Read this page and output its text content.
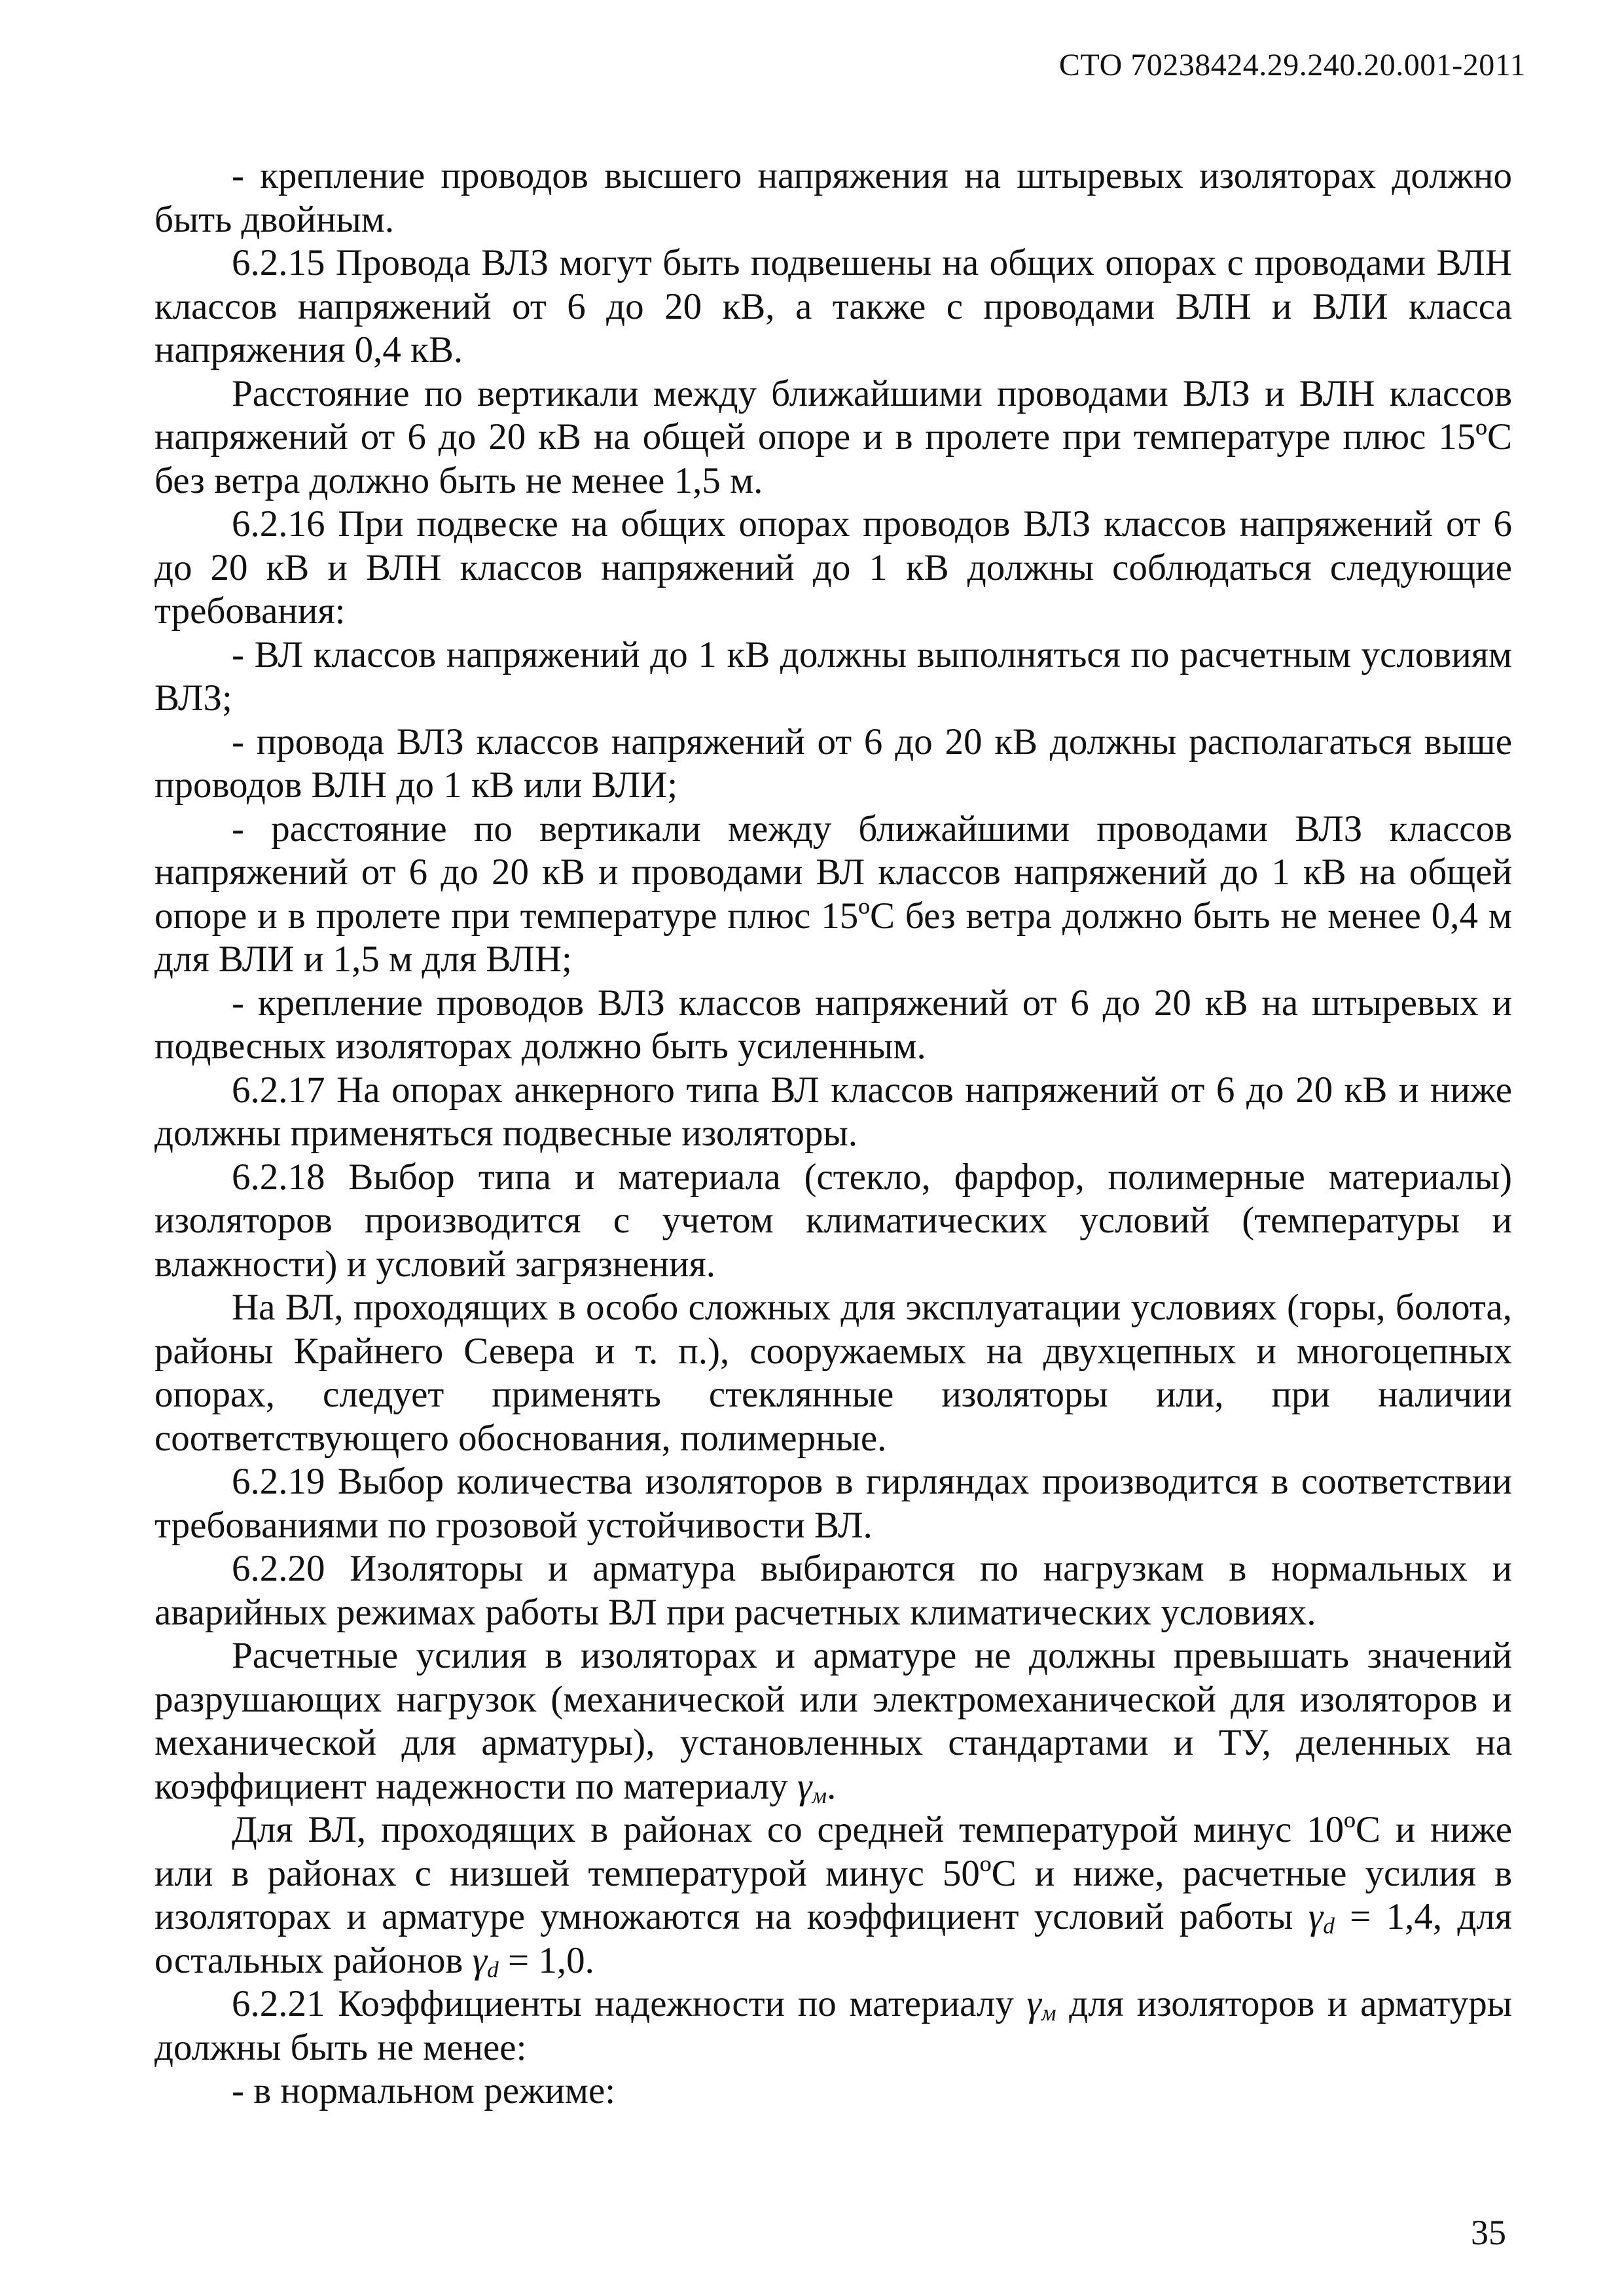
СТО 70238424.29.240.20.001-2011

- крепление проводов высшего напряжения на штыревых изоляторах должно быть двойным.

6.2.15 Провода ВЛЗ могут быть подвешены на общих опорах с проводами ВЛН классов напряжений от 6 до 20 кВ, а также с проводами ВЛН и ВЛИ класса напряжения 0,4 кВ.

Расстояние по вертикали между ближайшими проводами ВЛЗ и ВЛН классов напряжений от 6 до 20 кВ на общей опоре и в пролете при температуре плюс 15ºС без ветра должно быть не менее 1,5 м.

6.2.16 При подвеске на общих опорах проводов ВЛЗ классов напряжений от 6 до 20 кВ и ВЛН классов напряжений до 1 кВ должны соблюдаться следующие требования:

- ВЛ классов напряжений до 1 кВ должны выполняться по расчетным условиям ВЛЗ;

- провода ВЛЗ классов напряжений от 6 до 20 кВ должны располагаться выше проводов ВЛН до 1 кВ или ВЛИ;

- расстояние по вертикали между ближайшими проводами ВЛЗ классов напряжений от 6 до 20 кВ и проводами ВЛ классов напряжений до 1 кВ на общей опоре и в пролете при температуре плюс 15ºС без ветра должно быть не менее 0,4 м для ВЛИ и 1,5 м для ВЛН;

- крепление проводов ВЛЗ классов напряжений от 6 до 20 кВ на штыревых и подвесных изоляторах должно быть усиленным.

6.2.17 На опорах анкерного типа ВЛ классов напряжений от 6 до 20 кВ и ниже должны применяться подвесные изоляторы.

6.2.18 Выбор типа и материала (стекло, фарфор, полимерные материалы) изоляторов производится с учетом климатических условий (температуры и влажности) и условий загрязнения.

На ВЛ, проходящих в особо сложных для эксплуатации условиях (горы, болота, районы Крайнего Севера и т. п.), сооружаемых на двухцепных и многоцепных опорах, следует применять стеклянные изоляторы или, при наличии соответствующего обоснования, полимерные.

6.2.19 Выбор количества изоляторов в гирляндах производится в соответствии требованиями по грозовой устойчивости ВЛ.

6.2.20 Изоляторы и арматура выбираются по нагрузкам в нормальных и аварийных режимах работы ВЛ при расчетных климатических условиях.

Расчетные усилия в изоляторах и арматуре не должны превышать значений разрушающих нагрузок (механической или электромеханической для изоляторов и механической для арматуры), установленных стандартами и ТУ, деленных на коэффициент надежности по материалу $\gamma_м$.

Для ВЛ, проходящих в районах со средней температурой минус 10ºС и ниже или в районах с низшей температурой минус 50ºС и ниже, расчетные усилия в изоляторах и арматуре умножаются на коэффициент условий работы $\gamma_d = 1,4$, для остальных районов $\gamma_d = 1,0$.

6.2.21 Коэффициенты надежности по материалу $\gamma_м$ для изоляторов и арматуры должны быть не менее:

- в нормальном режиме:

35
